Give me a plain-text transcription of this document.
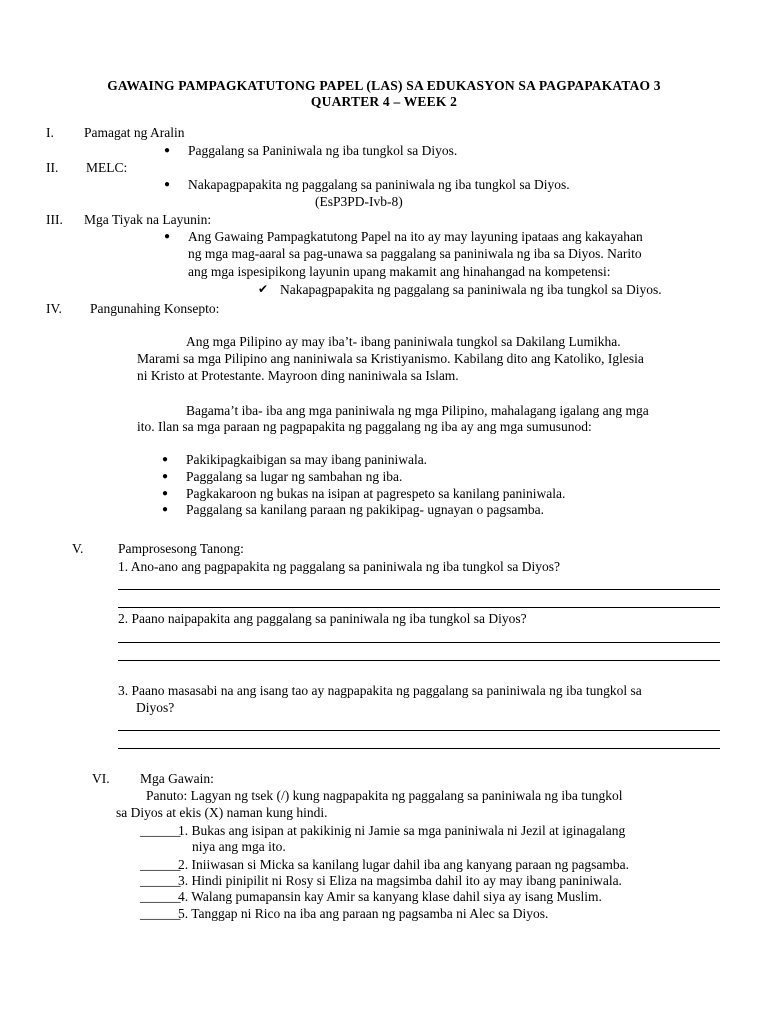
GAWAING PAMPAGKATUTONG PAPEL (LAS) SA EDUKASYON SA PAGPAPAKATAO 3
QUARTER 4 – WEEK 2
I. Pamagat ng Aralin
● Paggalang sa Paniniwala ng iba tungkol sa Diyos.
II. MELC:
● Nakapagpapakita ng paggalang sa paniniwala ng iba tungkol sa Diyos.
(EsP3PD-Ivb-8)
III. Mga Tiyak na Layunin:
● Ang Gawaing Pampagkatutong Papel na ito ay may layuning ipataas ang kakayahan
ng mga mag-aaral sa pag-unawa sa paggalang sa paniniwala ng iba sa Diyos. Narito
ang mga ispesipikong layunin upang makamit ang hinahangad na kompetensi:
✔ Nakapagpapakita ng paggalang sa paniniwala ng iba tungkol sa Diyos.
IV. Pangunahing Konsepto:
Ang mga Pilipino ay may iba’t- ibang paniniwala tungkol sa Dakilang Lumikha.
Marami sa mga Pilipino ang naniniwala sa Kristiyanismo. Kabilang dito ang Katoliko, Iglesia
ni Kristo at Protestante. Mayroon ding naniniwala sa Islam.
Bagama’t iba- iba ang mga paniniwala ng mga Pilipino, mahalagang igalang ang mga
ito. Ilan sa mga paraan ng pagpapakita ng paggalang ng iba ay ang mga sumusunod:
● Pakikipagkaibigan sa may ibang paniniwala.
● Paggalang sa lugar ng sambahan ng iba.
● Pagkakaroon ng bukas na isipan at pagrespeto sa kanilang paniniwala.
● Paggalang sa kanilang paraan ng pakikipag- ugnayan o pagsamba.
V.	Pamprosesong Tanong:
1. Ano-ano ang pagpapakita ng paggalang sa paniniwala ng iba tungkol sa Diyos?
2. Paano naipapakita ang paggalang sa paniniwala ng iba tungkol sa Diyos?
3. Paano masasabi na ang isang tao ay nagpapakita ng paggalang sa paniniwala ng iba tungkol sa
Diyos?
VI. Mga Gawain:
Panuto: Lagyan ng tsek (/) kung nagpapakita ng paggalang sa paniniwala ng iba tungkol
sa Diyos at ekis (X) naman kung hindi.
______
1. Bukas ang isipan at pakikinig ni Jamie sa mga paniniwala ni Jezil at iginagalang
niya ang mga ito.
______
2. Iniiwasan si Micka sa kanilang lugar dahil iba ang kanyang paraan ng pagsamba.
______
3. Hindi pinipilit ni Rosy si Eliza na magsimba dahil ito ay may ibang paniniwala.
______
4. Walang pumapansin kay Amir sa kanyang klase dahil siya ay isang Muslim.
______
5. Tanggap ni Rico na iba ang paraan ng pagsamba ni Alec sa Diyos.
